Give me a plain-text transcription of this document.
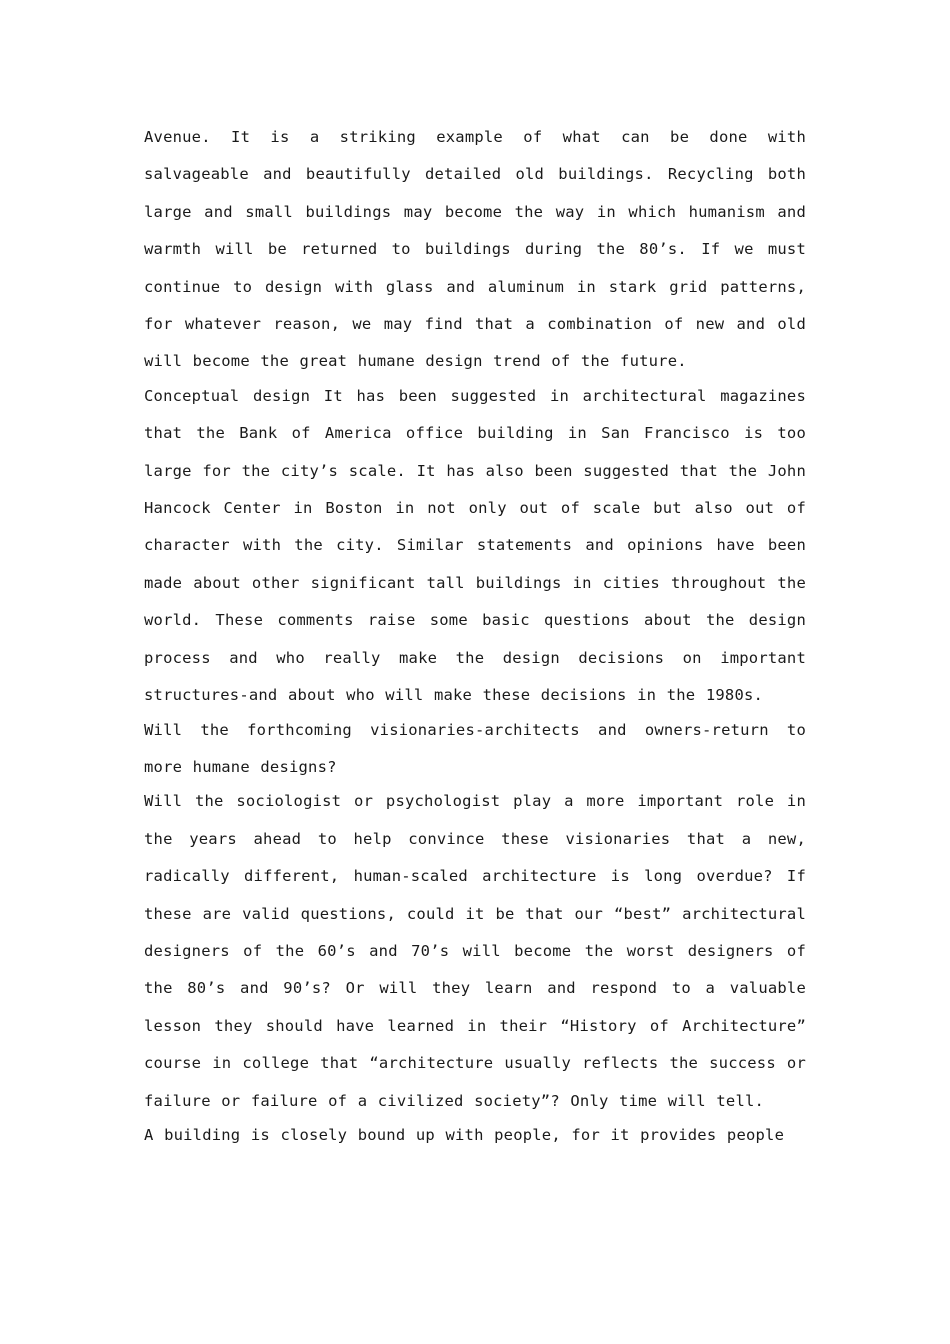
Avenue. It is a striking example of what can be done with salvageable and beautifully detailed old buildings. Recycling both large and small buildings may become the way in which humanism and warmth will be returned to buildings during the 80’s. If we must continue to design with glass and aluminum in stark grid patterns, for whatever reason, we may find that a combination of new and old will become the great humane design trend of the future.

Conceptual design It has been suggested in architectural magazines that the Bank of America office building in San Francisco is too large for the city’s scale. It has also been suggested that the John Hancock Center in Boston in not only out of scale but also out of character with the city. Similar statements and opinions have been made about other significant tall buildings in cities throughout the world. These comments raise some basic questions about the design process and who really make the design decisions on important structures-and about who will make these decisions in the 1980s.

Will the forthcoming visionaries-architects and owners-return to more humane designs?

Will the sociologist or psychologist play a more important role in the years ahead to help convince these visionaries that a new, radically different, human-scaled architecture is long overdue? If these are valid questions, could it be that our “best” architectural designers of the 60’s and 70’s will become the worst designers of the 80’s and 90’s? Or will they learn and respond to a valuable lesson they should have learned in their “History of Architecture” course in college that “architecture usually reflects the success or failure or failure of a civilized society”? Only time will tell.

A building is closely bound up with people, for it provides people
